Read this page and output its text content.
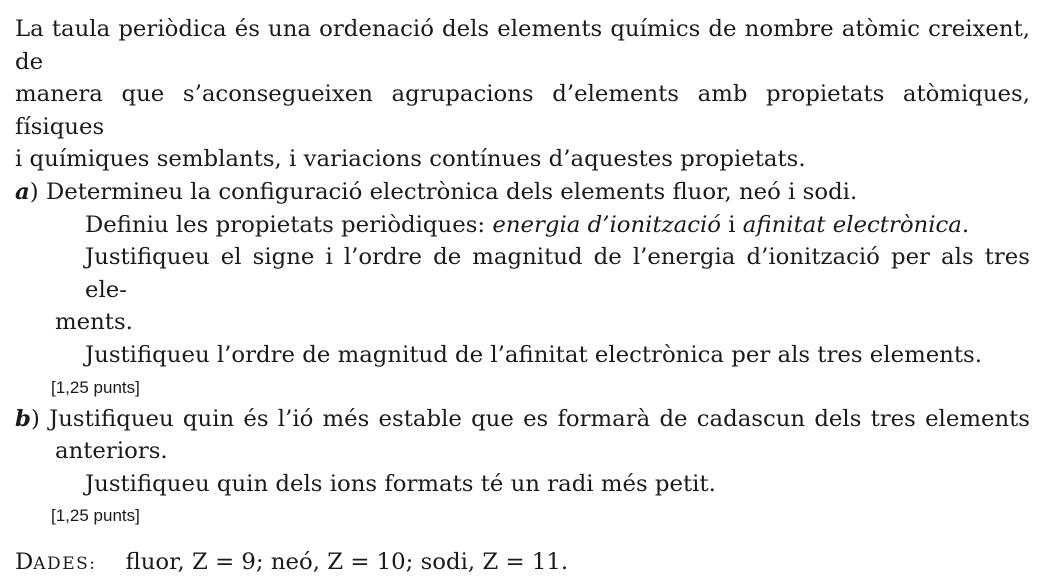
La taula periòdica és una ordenació dels elements químics de nombre atòmic creixent, de
manera que s’aconsegueixen agrupacions d’elements amb propietats atòmiques, físiques
i químiques semblants, i variacions contínues d’aquestes propietats.
a) Determineu la configuració electrònica dels elements fluor, neó i sodi.
Definiu les propietats periòdiques: energia d’ionització i afinitat electrònica.
Justifiqueu el signe i l’ordre de magnitud de l’energia d’ionització per als tres ele-
ments.
Justifiqueu l’ordre de magnitud de l’afinitat electrònica per als tres elements.
[1,25 punts]
b) Justifiqueu quin és l’ió més estable que es formarà de cadascun dels tres elements
anteriors.
Justifiqueu quin dels ions formats té un radi més petit.
[1,25 punts]
DADES: fluor, Z = 9; neó, Z = 10; sodi, Z = 11.
